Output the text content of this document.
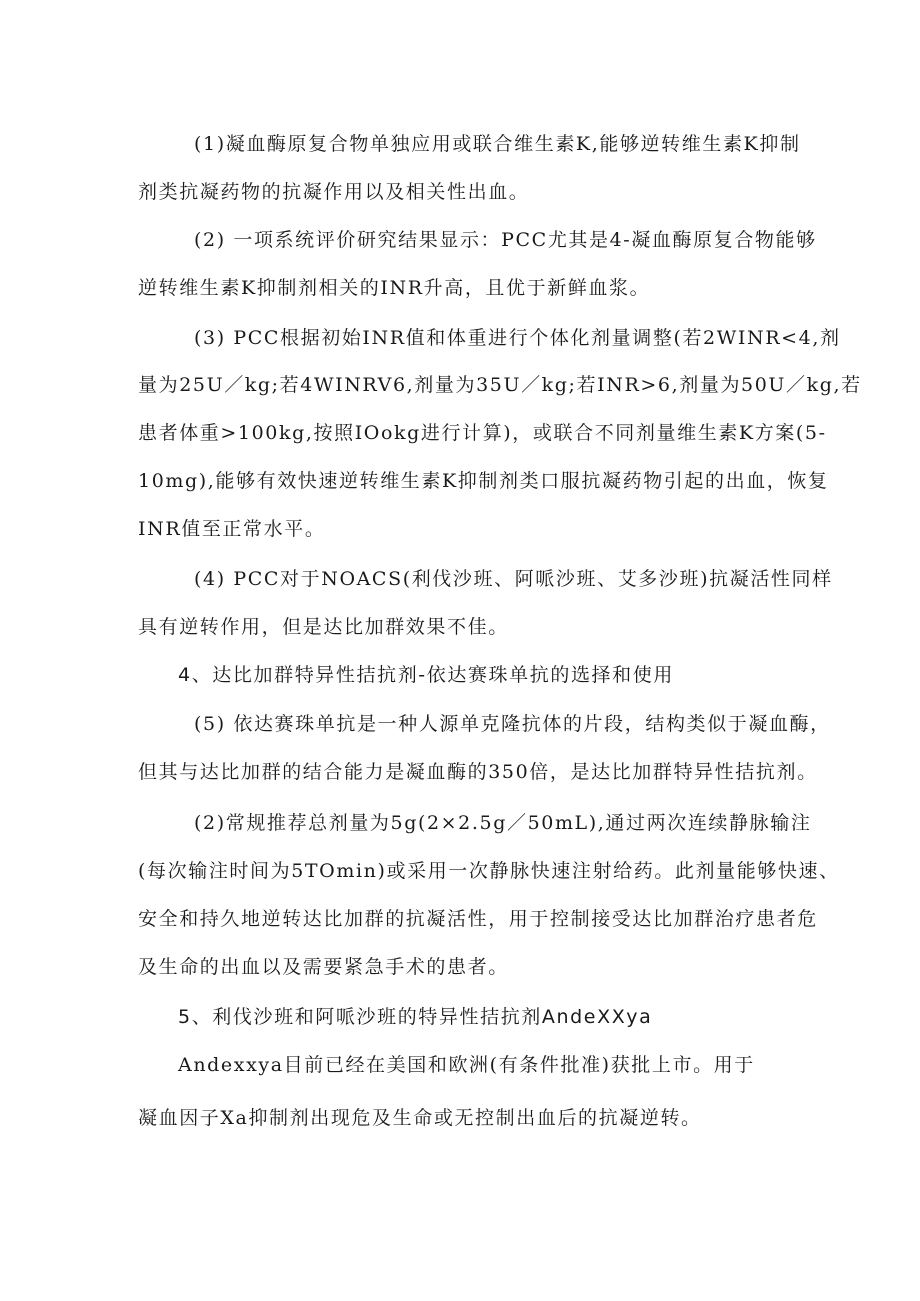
(1)凝血酶原复合物单独应用或联合维生素K,能够逆转维生素K抑制
剂类抗凝药物的抗凝作用以及相关性出血。
(2) 一项系统评价研究结果显示：PCC尤其是4-凝血酶原复合物能够
逆转维生素K抑制剂相关的INR升高，且优于新鲜血浆。
(3) PCC根据初始INR值和体重进行个体化剂量调整(若2WINR<4,剂
量为25U／kg;若4WINRV6,剂量为35U／kg;若INR>6,剂量为50U／kg,若
患者体重>100kg,按照IOokg进行计算)，或联合不同剂量维生素K方案(5-
10mg),能够有效快速逆转维生素K抑制剂类口服抗凝药物引起的出血，恢复
INR值至正常水平。
(4) PCC对于NOACS(利伐沙班、阿哌沙班、艾多沙班)抗凝活性同样
具有逆转作用，但是达比加群效果不佳。
4、达比加群特异性拮抗剂-依达赛珠单抗的选择和使用
(5) 依达赛珠单抗是一种人源单克隆抗体的片段，结构类似于凝血酶，
但其与达比加群的结合能力是凝血酶的350倍，是达比加群特异性拮抗剂。
(2)常规推荐总剂量为5g(2×2.5g／50mL),通过两次连续静脉输注
(每次输注时间为5TOmin)或采用一次静脉快速注射给药。此剂量能够快速、
安全和持久地逆转达比加群的抗凝活性，用于控制接受达比加群治疗患者危
及生命的出血以及需要紧急手术的患者。
5、利伐沙班和阿哌沙班的特异性拮抗剂AndeXXya
Andexxya目前已经在美国和欧洲(有条件批准)获批上市。用于
凝血因子Xa抑制剂出现危及生命或无控制出血后的抗凝逆转。
